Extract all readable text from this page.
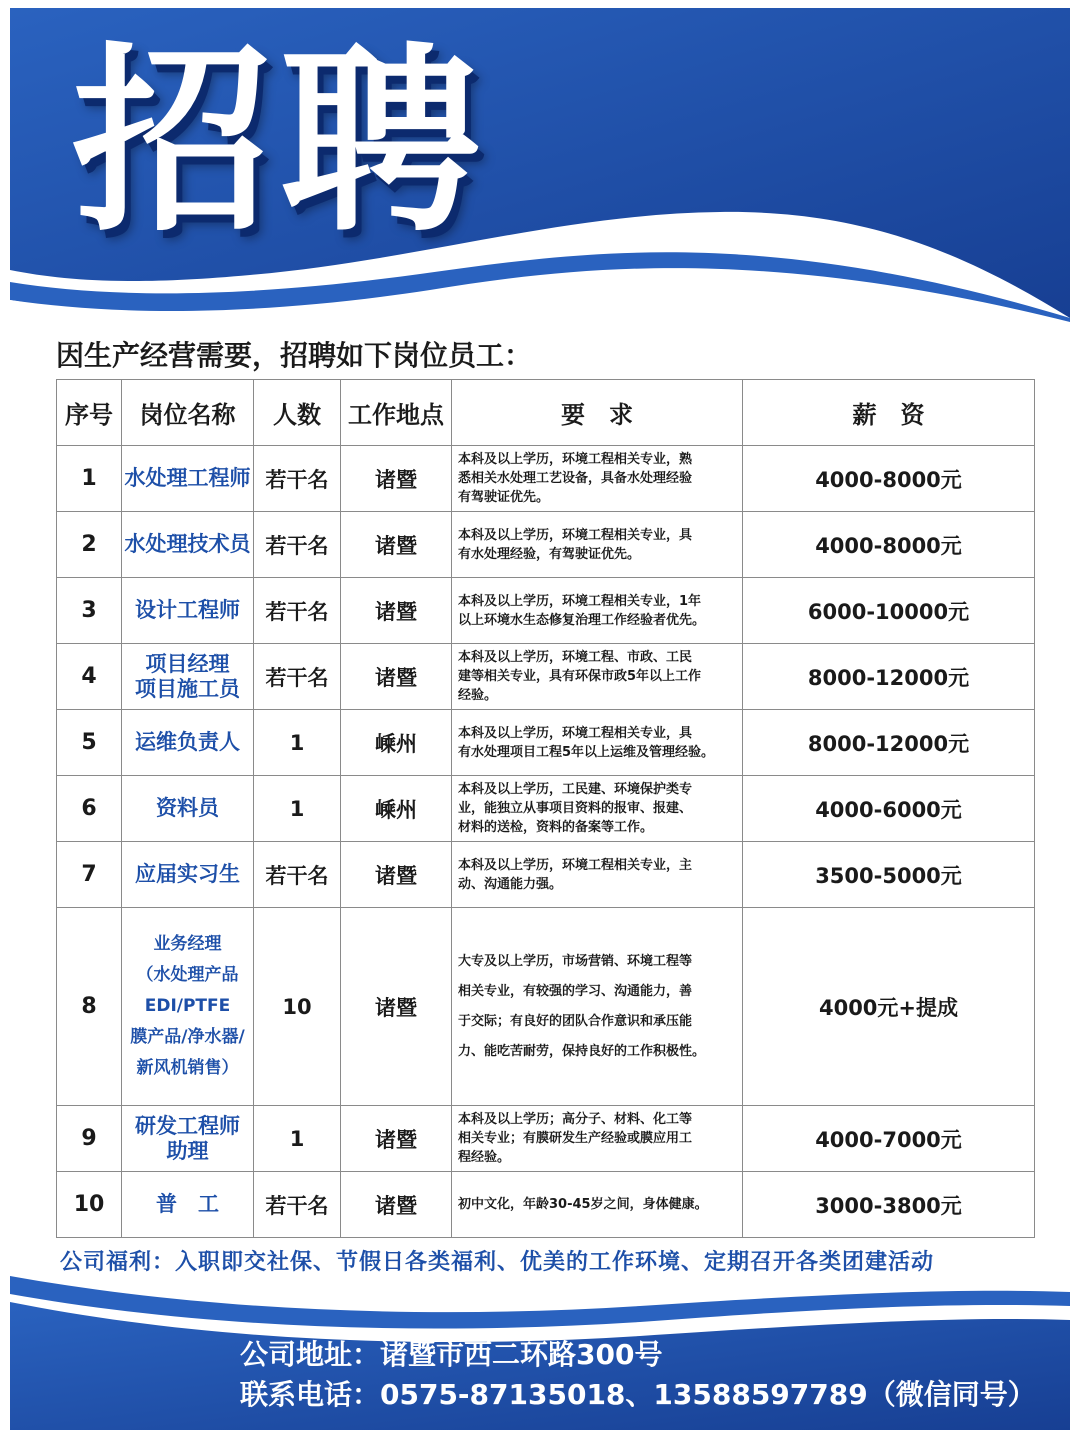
招聘
因生产经营需要，招聘如下岗位员工：
序号	岗位名称	人数	工作地点	要　求	薪　资
1	水处理工程师	若干名	诸暨	本科及以上学历，环境工程相关专业，熟
悉相关水处理工艺设备，具备水处理经验
有驾驶证优先。	4000-8000元
2	水处理技术员	若干名	诸暨	本科及以上学历，环境工程相关专业，具
有水处理经验，有驾驶证优先。	4000-8000元
3	设计工程师	若干名	诸暨	本科及以上学历，环境工程相关专业，1年
以上环境水生态修复治理工作经验者优先。	6000-10000元
4	项目经理
项目施工员	若干名	诸暨	本科及以上学历，环境工程、市政、工民
建等相关专业，具有环保市政5年以上工作
经验。	8000-12000元
5	运维负责人	1	嵊州	本科及以上学历，环境工程相关专业，具
有水处理项目工程5年以上运维及管理经验。	8000-12000元
6	资料员	1	嵊州	本科及以上学历，工民建、环境保护类专
业，能独立从事项目资料的报审、报建、
材料的送检，资料的备案等工作。	4000-6000元
7	应届实习生	若干名	诸暨	本科及以上学历，环境工程相关专业，主
动、沟通能力强。	3500-5000元
8	业务经理
（水处理产品
EDI/PTFE
膜产品/净水器/
新风机销售）	10	诸暨	大专及以上学历，市场营销、环境工程等
相关专业，有较强的学习、沟通能力，善
于交际；有良好的团队合作意识和承压能
力、能吃苦耐劳，保持良好的工作积极性。	4000元+提成
9	研发工程师
助理	1	诸暨	本科及以上学历；高分子、材料、化工等
相关专业；有膜研发生产经验或膜应用工
程经验。	4000-7000元
10	普　工	若干名	诸暨	初中文化，年龄30-45岁之间，身体健康。	3000-3800元
公司福利：入职即交社保、节假日各类福利、优美的工作环境、定期召开各类团建活动
公司地址：诸暨市西二环路300号
联系电话：0575-87135018、13588597789（微信同号）
